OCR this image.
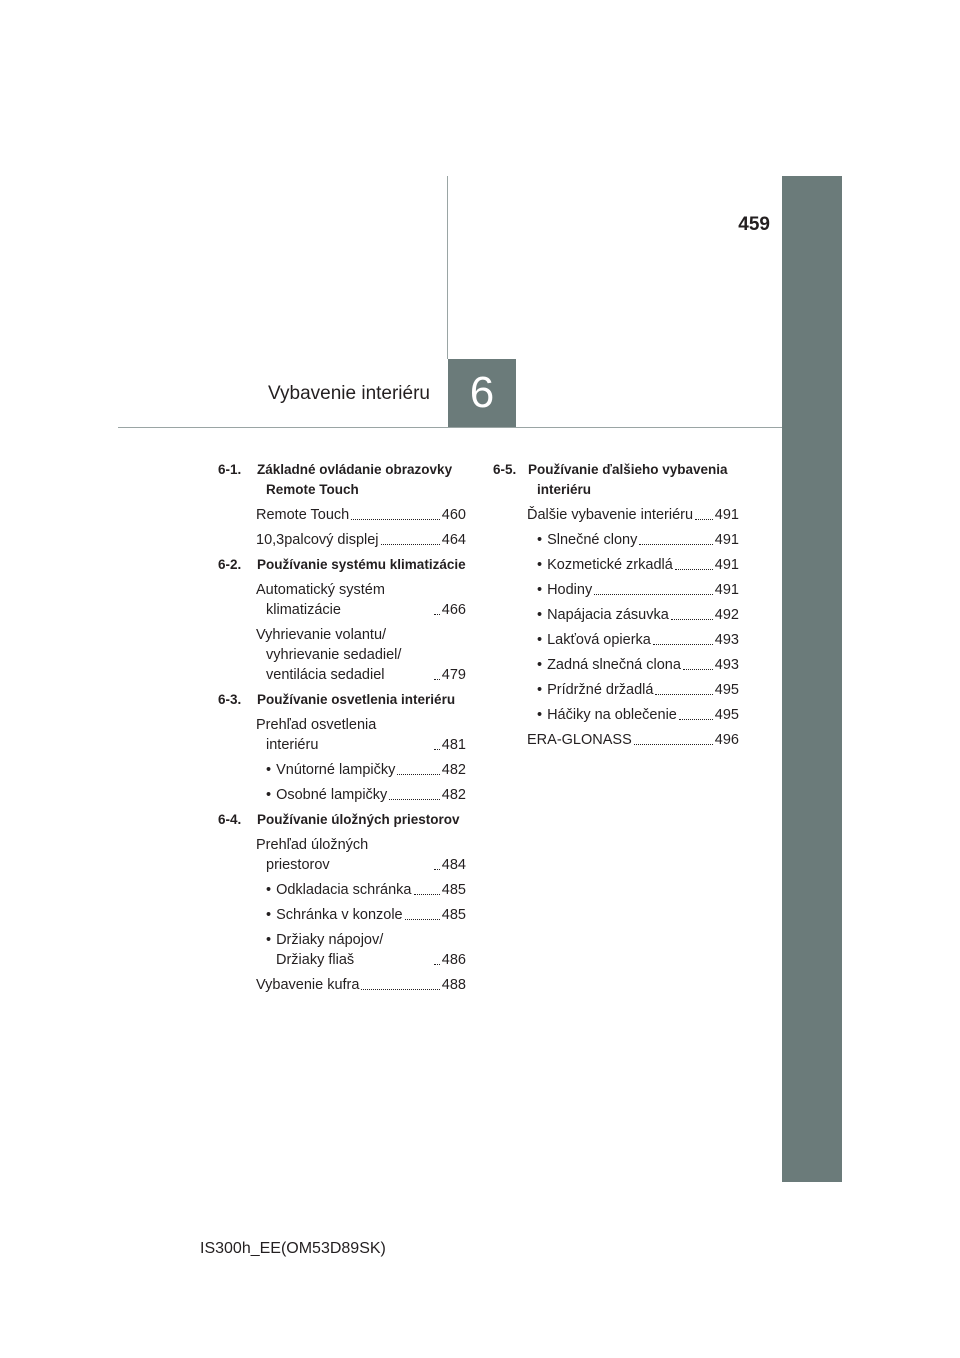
459
Vybavenie interiéru 6
6-1. Základné ovládanie obrazovky Remote Touch
Remote Touch	460
10,3palcový displej	464
6-2. Používanie systému klimatizácie
Automatický systém klimatizácie	466
Vyhrievanie volantu/ vyhrievanie sedadiel/ ventilácia sedadiel	479
6-3. Používanie osvetlenia interiéru
Prehľad osvetlenia interiéru	481
• Vnútorné lampičky	482
• Osobné lampičky	482
6-4. Používanie úložných priestorov
Prehľad úložných priestorov	484
• Odkladacia schránka 485
• Schránka v konzole	485
• Držiaky nápojov/ Držiaky fliaš	486
Vybavenie kufra	488
6-5. Používanie ďalšieho vybavenia interiéru
Ďalšie vybavenie interiéru 491
• Slnečné clony	491
• Kozmetické zrkadlá	491
• Hodiny	491
• Napájacia zásuvka	492
• Lakťová opierka	493
• Zadná slnečná clona 493
• Prídržné držadlá	495
• Háčiky na oblečenie	495
ERA-GLONASS	496
IS300h_EE(OM53D89SK)
